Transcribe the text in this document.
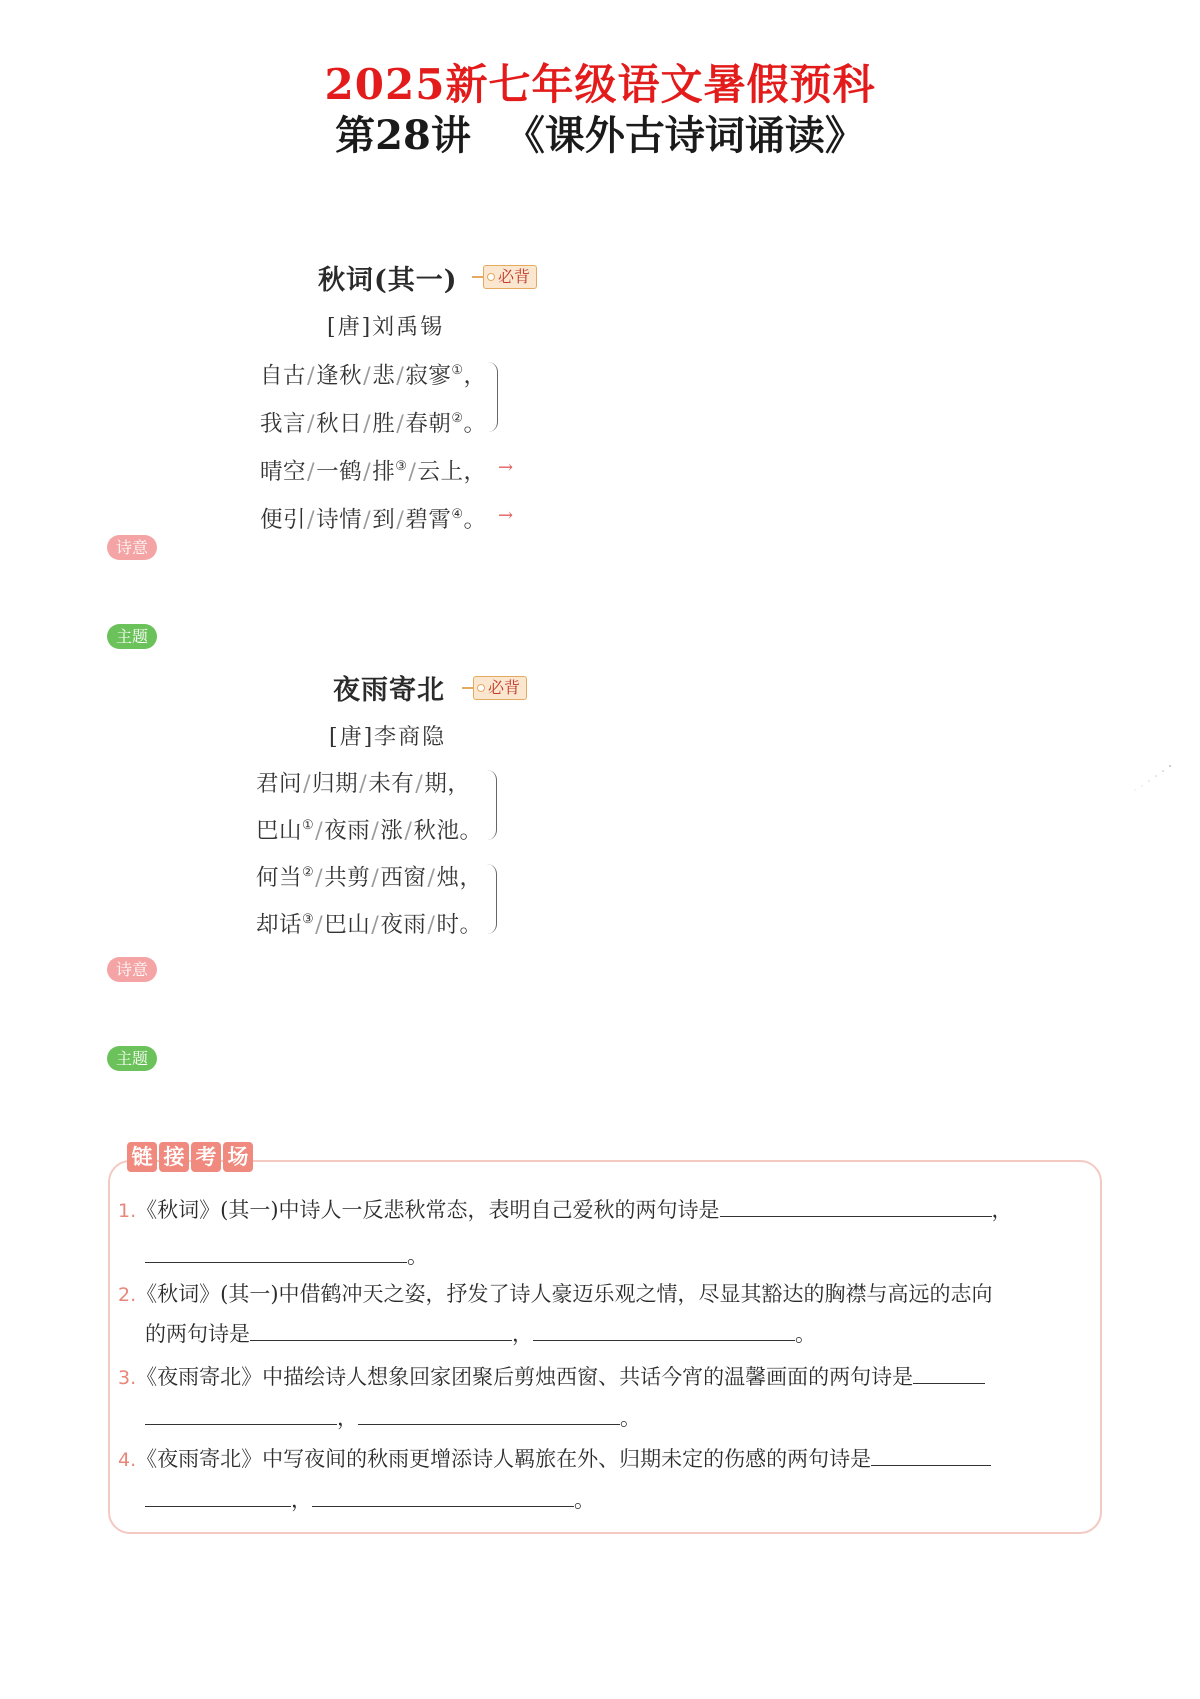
2025新七年级语文暑假预科
第28讲 《课外古诗词诵读》
秋词(其一)	必背
[唐]刘禹锡
自古/逢秋/悲/寂寥①，
我言/秋日/胜/春朝②。
晴空/一鹤/排③/云上，
便引/诗情/到/碧霄④。
→
→
诗意
主题
夜雨寄北	必背
[唐]李商隐
君问/归期/未有/期，
巴山①/夜雨/涨/秋池。
何当②/共剪/西窗/烛，
却话③/巴山/夜雨/时。
诗意
主题
链 接 考 场
1.《秋词》(其一)中诗人一反悲秋常态，表明自己爱秋的两句诗是	，
。
2.《秋词》(其一)中借鹤冲天之姿，抒发了诗人豪迈乐观之情，尽显其豁达的胸襟与高远的志向
的两句诗是	，	。
3.《夜雨寄北》中描绘诗人想象回家团聚后剪烛西窗、共话今宵的温馨画面的两句诗是
，	。
4.《夜雨寄北》中写夜间的秋雨更增添诗人羁旅在外、归期未定的伤感的两句诗是
，	。
